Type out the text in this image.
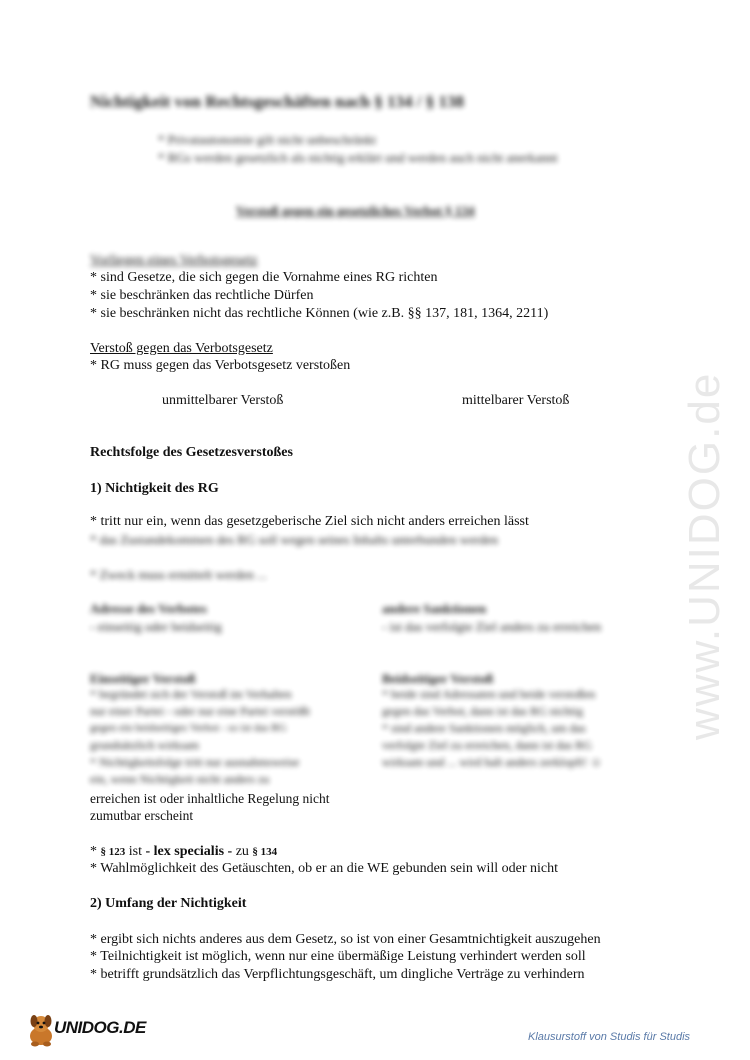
Nichtigkeit von Rechtsgeschäften nach § 134 / § 138
* Privatautonomie gilt nicht unbeschränkt
* RGs werden gesetzlich als nichtig erklärt und werden auch nicht anerkannt
Verstoß gegen ein gesetzliches Verbot § 134
Vorliegen eines Verbotsgesetz
* sind Gesetze, die sich gegen die Vornahme eines RG richten
* sie beschränken das rechtliche Dürfen
* sie beschränken nicht das rechtliche Können (wie z.B. §§ 137, 181, 1364, 2211)
Verstoß gegen das Verbotsgesetz
* RG muss gegen das Verbotsgesetz verstoßen
unmittelbarer Verstoß	mittelbarer Verstoß
Rechtsfolge des Gesetzesverstoßes
1) Nichtigkeit des RG
* tritt nur ein, wenn das gesetzgeberische Ziel sich nicht anders erreichen lässt
* das Zustandekommen des RG soll wegen seines Inhalts unterbunden werden
* Zweck muss ermittelt werden ...
Adresse des Verbotes
- einseitig oder beidseitig
andere Sanktionen
- ist das verfolgte Ziel anders zu erreichen
Einseitiger Verstoß
* begründet sich der Verstoß im Verhalten
nur einer Partei - oder nur eine Partei verstößt
gegen ein beidseitiges Verbot - so ist das RG
grundsätzlich wirksam
* Nichtigkeitsfolge tritt nur ausnahmsweise
ein, wenn Nichtigkeit nicht anders zu
erreichen ist oder inhaltliche Regelung nicht
zumutbar erscheint
Beidseitiger Verstoß
* beide sind Adressaten und beide verstoßen
gegen das Verbot, dann ist das RG nichtig
* sind andere Sanktionen möglich, um das
verfolgte Ziel zu erreichen, dann ist das RG
wirksam und ... wird halt anders zerklopft! ☺
* § 123 ist - lex specialis - zu § 134
* Wahlmöglichkeit des Getäuschten, ob er an die WE gebunden sein will oder nicht
2) Umfang der Nichtigkeit
* ergibt sich nichts anderes aus dem Gesetz, so ist von einer Gesamtnichtigkeit auszugehen
* Teilnichtigkeit ist möglich, wenn nur eine übermäßige Leistung verhindert werden soll
* betrifft grundsätzlich das Verpflichtungsgeschäft, um dingliche Verträge zu verhindern
www.UNIDOG.de
UNIDOG.DE	Klausurstoff von Studis für Studis
